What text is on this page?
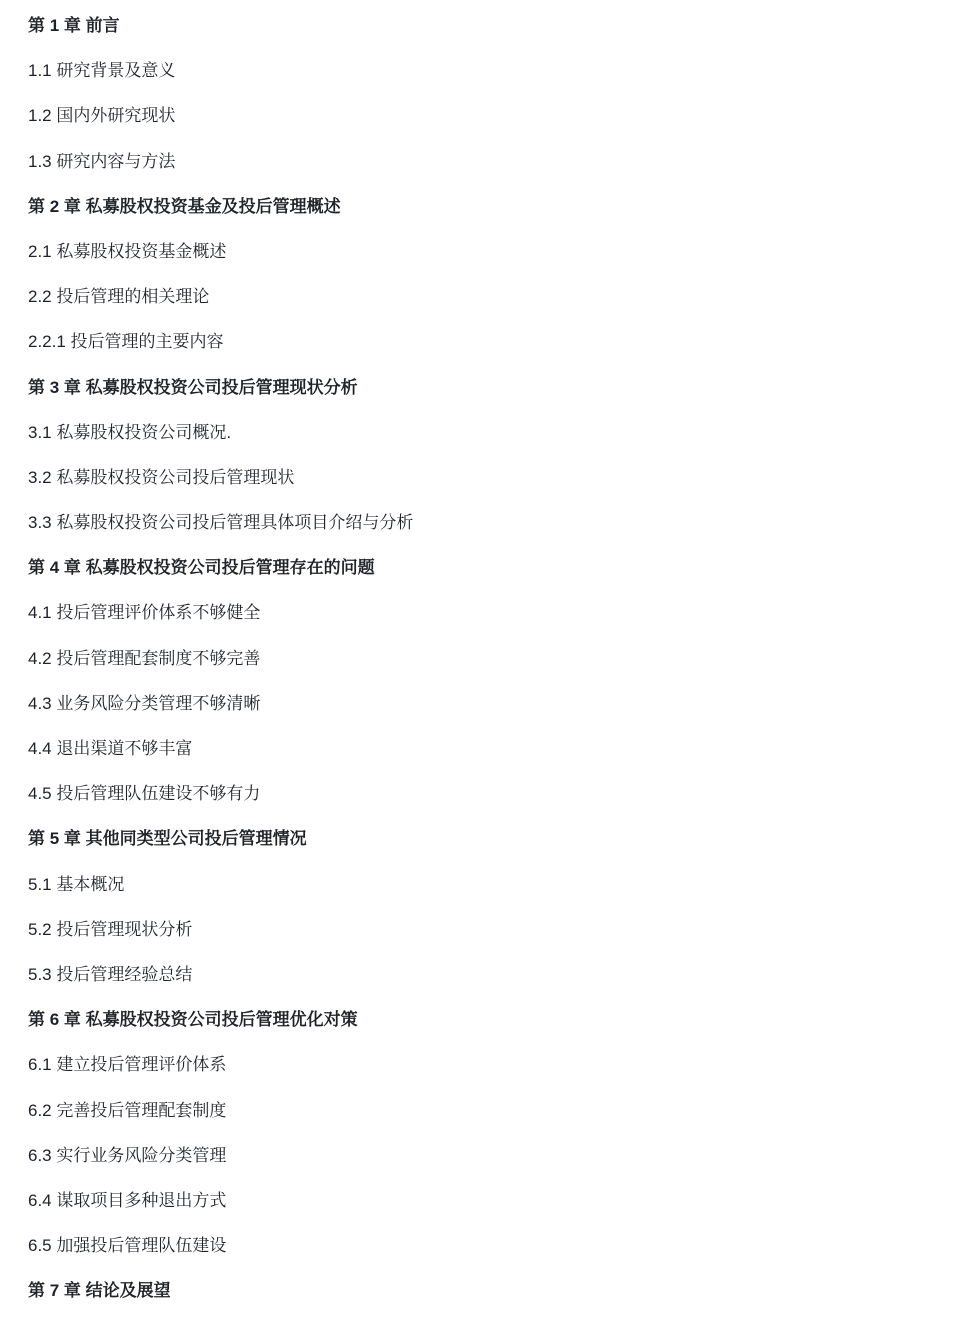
第 1 章 前言

1.1 研究背景及意义

1.2 国内外研究现状

1.3 研究内容与方法

第 2 章 私募股权投资基金及投后管理概述

2.1 私募股权投资基金概述

2.2 投后管理的相关理论

2.2.1 投后管理的主要内容

第 3 章 私募股权投资公司投后管理现状分析

3.1 私募股权投资公司概况.

3.2 私募股权投资公司投后管理现状

3.3 私募股权投资公司投后管理具体项目介绍与分析

第 4 章 私募股权投资公司投后管理存在的问题

4.1 投后管理评价体系不够健全

4.2 投后管理配套制度不够完善

4.3 业务风险分类管理不够清晰

4.4 退出渠道不够丰富

4.5 投后管理队伍建设不够有力

第 5 章 其他同类型公司投后管理情况

5.1 基本概况

5.2 投后管理现状分析

5.3 投后管理经验总结

第 6 章 私募股权投资公司投后管理优化对策

6.1 建立投后管理评价体系

6.2 完善投后管理配套制度

6.3 实行业务风险分类管理

6.4 谋取项目多种退出方式

6.5 加强投后管理队伍建设

第 7 章 结论及展望
